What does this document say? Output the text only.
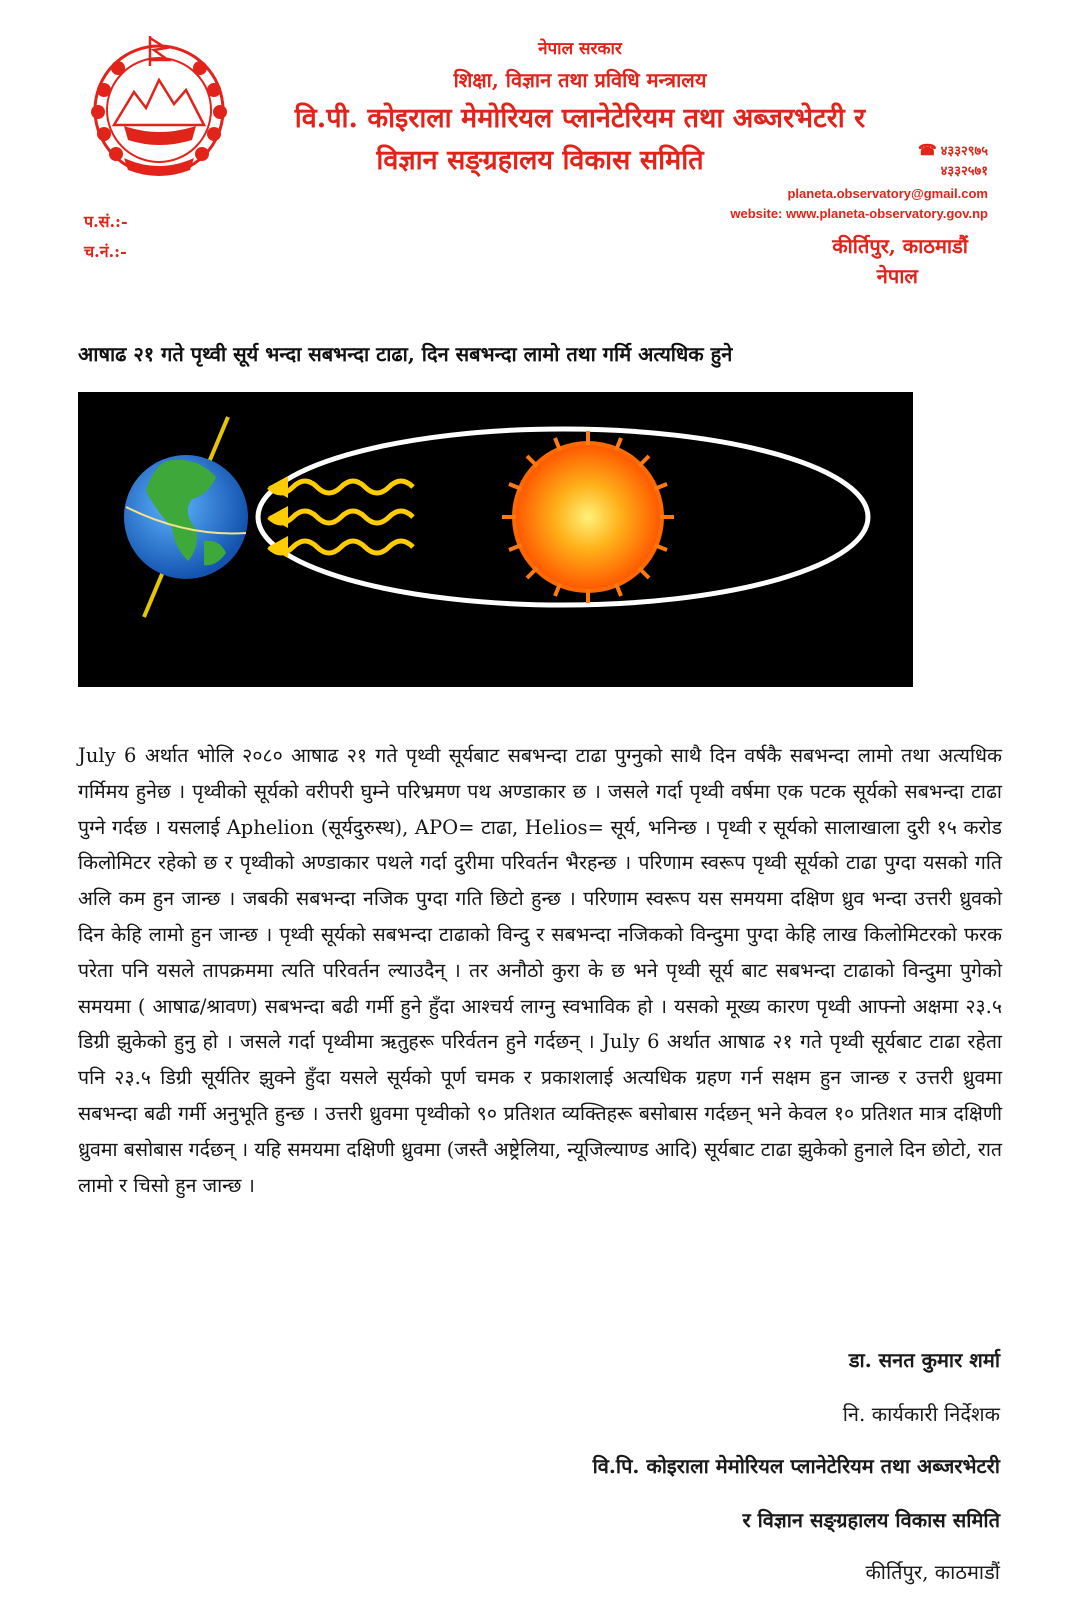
नेपाल सरकार
शिक्षा, विज्ञान तथा प्रविधि मन्त्रालय
वि.पी. कोइराला मेमोरियल प्लानेटेरियम तथा अब्जरभेटरी र
विज्ञान सङ्ग्रहालय विकास समिति	☎ ४३३२९७५
४३३२५७१
planeta.observatory@gmail.com
website: www.planeta-observatory.gov.np
कीर्तिपुर, काठमाडौं
नेपाल
प.सं.:-
च.नं.:-
आषाढ २१ गते पृथ्वी सूर्य भन्दा सबभन्दा टाढा, दिन सबभन्दा लामो तथा गर्मि अत्यधिक हुने
July 6 अर्थात भोलि २०८० आषाढ २१ गते पृथ्वी सूर्यबाट सबभन्दा टाढा पुग्नुको साथै दिन वर्षकै सबभन्दा लामो तथा अत्यधिक गर्मिमय हुनेछ । पृथ्वीको सूर्यको वरीपरी घुम्ने परिभ्रमण पथ अण्डाकार छ । जसले गर्दा पृथ्वी वर्षमा एक पटक सूर्यको सबभन्दा टाढा पुग्ने गर्दछ । यसलाई Aphelion (सूर्यदुरुस्थ), APO= टाढा, Helios= सूर्य, भनिन्छ । पृथ्वी र सूर्यको सालाखाला दुरी १५ करोड किलोमिटर रहेको छ र पृथ्वीको अण्डाकार पथले गर्दा दुरीमा परिवर्तन भैरहन्छ । परिणाम स्वरूप पृथ्वी सूर्यको टाढा पुग्दा यसको गति अलि कम हुन जान्छ । जबकी सबभन्दा नजिक पुग्दा गति छिटो हुन्छ । परिणाम स्वरूप यस समयमा दक्षिण ध्रुव भन्दा उत्तरी ध्रुवको दिन केहि लामो हुन जान्छ । पृथ्वी सूर्यको सबभन्दा टाढाको विन्दु र सबभन्दा नजिकको विन्दुमा पुग्दा केहि लाख किलोमिटरको फरक परेता पनि यसले तापक्रममा त्यति परिवर्तन ल्याउदैन् । तर अनौठो कुरा के छ भने पृथ्वी सूर्य बाट सबभन्दा टाढाको विन्दुमा पुगेको समयमा ( आषाढ/श्रावण) सबभन्दा बढी गर्मी हुने हुँदा आश्चर्य लाग्नु स्वभाविक हो । यसको मूख्य कारण पृथ्वी आफ्नो अक्षमा २३.५ डिग्री झुकेको हुनु हो । जसले गर्दा पृथ्वीमा ऋतुहरू परिर्वतन हुने गर्दछन् । July 6 अर्थात आषाढ २१ गते पृथ्वी सूर्यबाट टाढा रहेता पनि २३.५ डिग्री सूर्यतिर झुक्ने हुँदा यसले सूर्यको पूर्ण चमक र प्रकाशलाई अत्यधिक ग्रहण गर्न सक्षम हुन जान्छ र उत्तरी ध्रुवमा सबभन्दा बढी गर्मी अनुभूति हुन्छ । उत्तरी ध्रुवमा पृथ्वीको ९० प्रतिशत व्यक्तिहरू बसोबास गर्दछन् भने केवल १० प्रतिशत मात्र दक्षिणी ध्रुवमा बसोबास गर्दछन् । यहि समयमा दक्षिणी ध्रुवमा (जस्तै अष्ट्रेलिया, न्यूजिल्याण्ड आदि) सूर्यबाट टाढा झुकेको हुनाले दिन छोटो, रात लामो र चिसो हुन जान्छ ।
डा. सनत कुमार शर्मा
नि. कार्यकारी निर्देशक
वि.पि. कोइराला मेमोरियल प्लानेटेरियम तथा अब्जरभेटरी
र विज्ञान सङ्ग्रहालय विकास समिति
कीर्तिपुर, काठमाडौं
